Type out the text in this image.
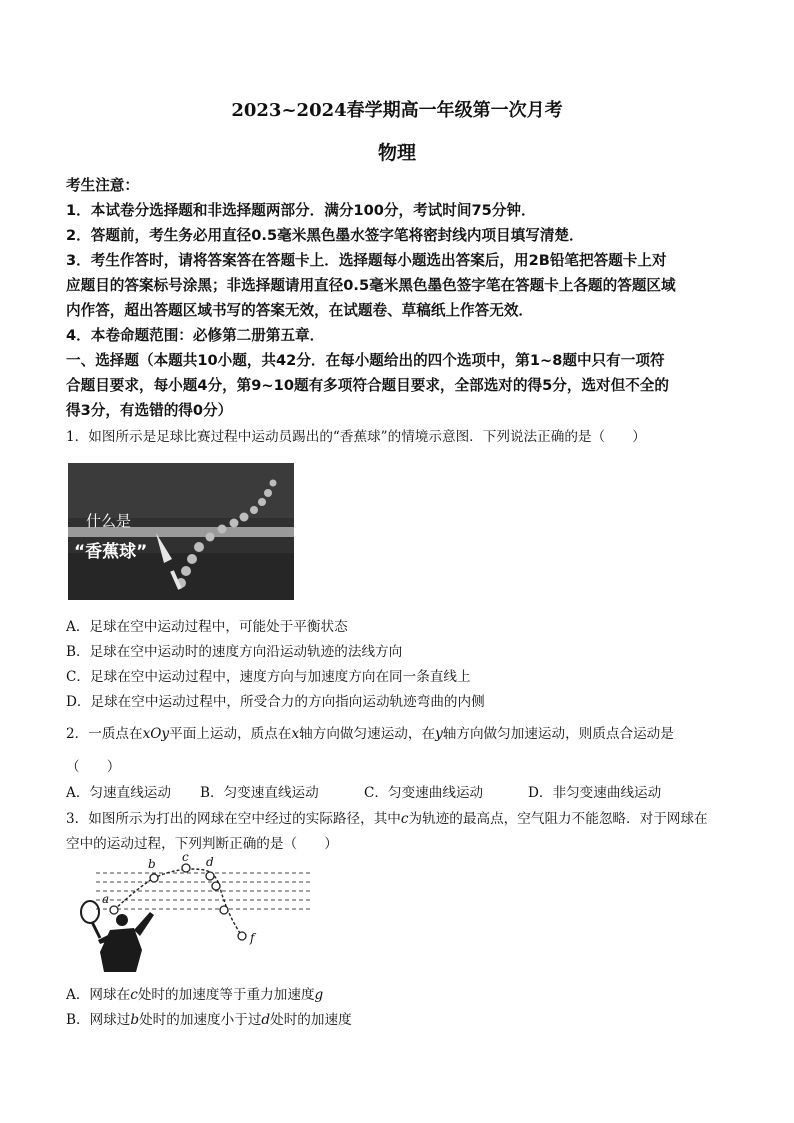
2023~2024春学期高一年级第一次月考
物理
考生注意：
1．本试卷分选择题和非选择题两部分．满分100分，考试时间75分钟．
2．答题前，考生务必用直径0.5毫米黑色墨水签字笔将密封线内项目填写清楚．
3．考生作答时，请将答案答在答题卡上．选择题每小题选出答案后，用2B铅笔把答题卡上对
应题目的答案标号涂黑；非选择题请用直径0.5毫米黑色墨色签字笔在答题卡上各题的答题区域
内作答，超出答题区域书写的答案无效，在试题卷、草稿纸上作答无效．
4．本卷命题范围：必修第二册第五章．
一、选择题（本题共10小题，共42分．在每小题给出的四个选项中，第1~8题中只有一项符
合题目要求，每小题4分，第9~10题有多项符合题目要求，全部选对的得5分，选对但不全的
得3分，有选错的得0分）
1．如图所示是足球比赛过程中运动员踢出的“香蕉球”的情境示意图．下列说法正确的是（　　）
什么是
“香蕉球”
A．足球在空中运动过程中，可能处于平衡状态
B．足球在空中运动时的速度方向沿运动轨迹的法线方向
C．足球在空中运动过程中，速度方向与加速度方向在同一条直线上
D．足球在空中运动过程中，所受合力的方向指向运动轨迹弯曲的内侧
2．一质点在xOy平面上运动，质点在x轴方向做匀速运动，在y轴方向做匀加速运动，则质点合运动是
（　　）
A．匀速直线运动 B．匀变速直线运动	C．匀变速曲线运动	D．非匀变速曲线运动
3．如图所示为打出的网球在空中经过的实际路径，其中c为轨迹的最高点，空气阻力不能忽略．对于网球在
空中的运动过程，下列判断正确的是（　　）
a
b c d
f
A．网球在c处时的加速度等于重力加速度g
B．网球过b处时的加速度小于过d处时的加速度
